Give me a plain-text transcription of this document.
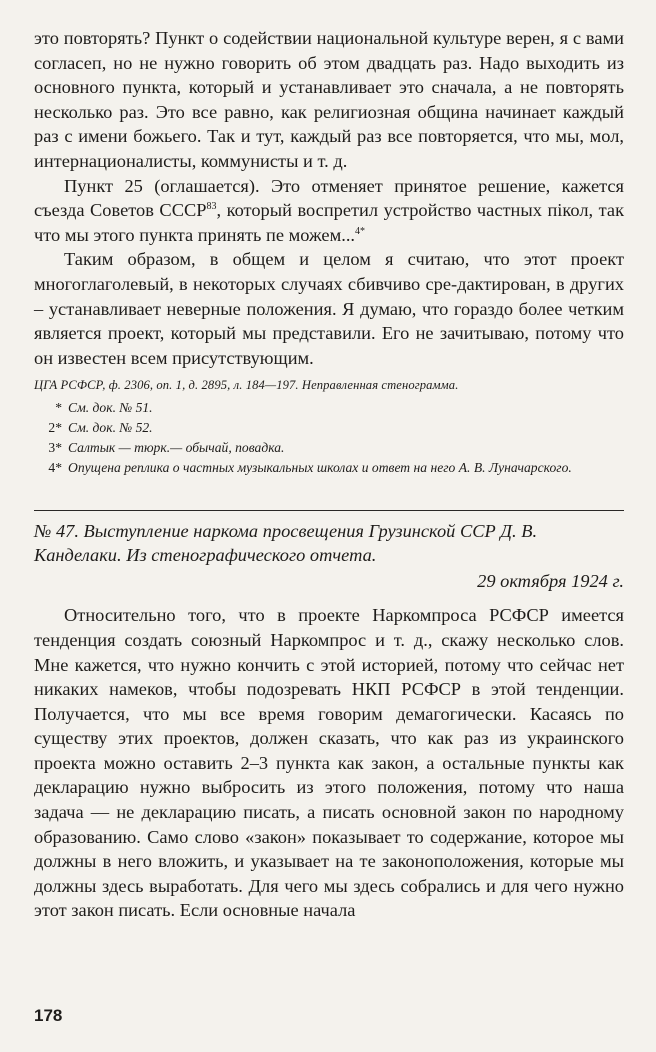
это повторять? Пункт о содействии национальной культуре верен, я с вами согласеп, но не нужно говорить об этом двадцать раз. Надо выходить из основного пункта, который и устанавливает это сначала, а не повторять несколько раз. Это все равно, как религиозная община начинает каждый раз с имени божьего. Так и тут, каждый раз все повторяется, что мы, мол, интернационалисты, коммунисты и т. д.

Пункт 25 (оглашается). Это отменяет принятое решение, кажется съезда Советов СССР$^{83}$, который воспретил устройство частных пікол, так что мы этого пункта принять пе можем...$^{4*}$

Таким образом, в общем и целом я считаю, что этот проект многоглаголевый, в некоторых случаях сбивчиво сре-дактирован, в других – устанавливает неверные положения. Я думаю, что гораздо более четким является проект, который мы представили. Его не зачитываю, потому что он известен всем присутствующим.

ЦГА РСФСР, ф. 2306, оп. 1, д. 2895, л. 184—197. Неправленная стенограмма.
* См. док. № 51.
2* См. док. № 52.
3* Салтык — тюрк.— обычай, повадка.
4* Опущена реплика о частных музыкальных школах и ответ на него А. В. Луначарского.
№ 47. Выступление наркома просвещения Грузинской ССР Д. В. Канделаки. Из стенографического отчета.
29 октября 1924 г.

Относительно того, что в проекте Наркомпроса РСФСР имеется тенденция создать союзный Наркомпрос и т. д., скажу несколько слов. Мне кажется, что нужно кончить с этой историей, потому что сейчас нет никаких намеков, чтобы подозревать НКП РСФСР в этой тенденции. Получается, что мы все время говорим демагогически. Касаясь по существу этих проектов, должен сказать, что как раз из украинского проекта можно оставить 2–3 пункта как закон, а остальные пункты как декларацию нужно выбросить из этого положения, потому что наша задача — не декларацию писать, а писать основной закон по народному образованию. Само слово «закон» показывает то содержание, которое мы должны в него вложить, и указывает на те законоположения, которые мы должны здесь выработать. Для чего мы здесь собрались и для чего нужно этот закон писать. Если основные начала

178
